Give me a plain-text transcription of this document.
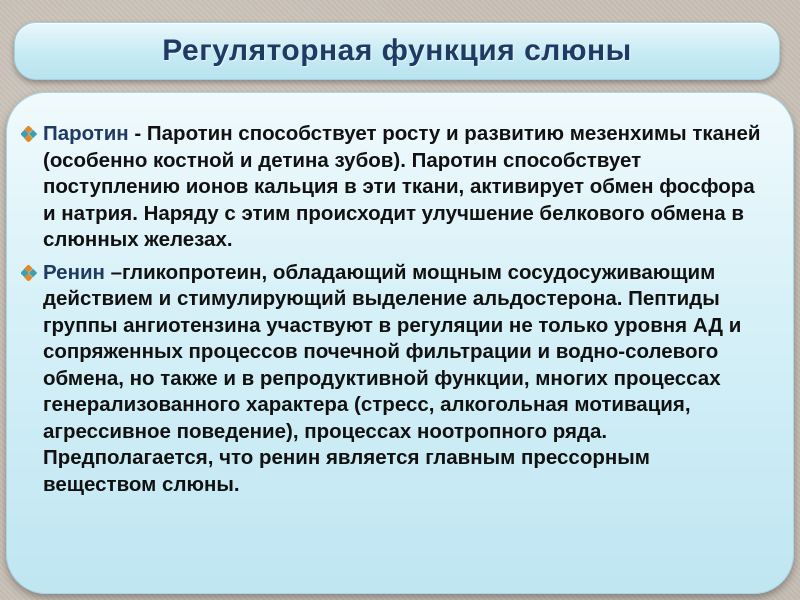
Регуляторная функция слюны
Паротин - Паротин способствует росту и развитию мезенхимы тканей (особенно костной и детина зубов). Паротин способствует поступлению ионов кальция в эти ткани, активирует обмен фосфора и натрия. Наряду с этим происходит улучшение белкового обмена в слюнных железах.
Ренин –гликопротеин, обладающий мощным сосудосуживающим действием и стимулирующий выделение альдостерона. Пептиды группы ангиотензина участвуют в регуляции не только уровня АД и сопряженных процессов почечной фильтрации и водно-солевого обмена, но также и в репродуктивной функции, многих процессах генерализованного характера (стресс, алкогольная мотивация, агрессивное поведение), процессах ноотропного ряда. Предполагается, что ренин является главным прессорным веществом слюны.
